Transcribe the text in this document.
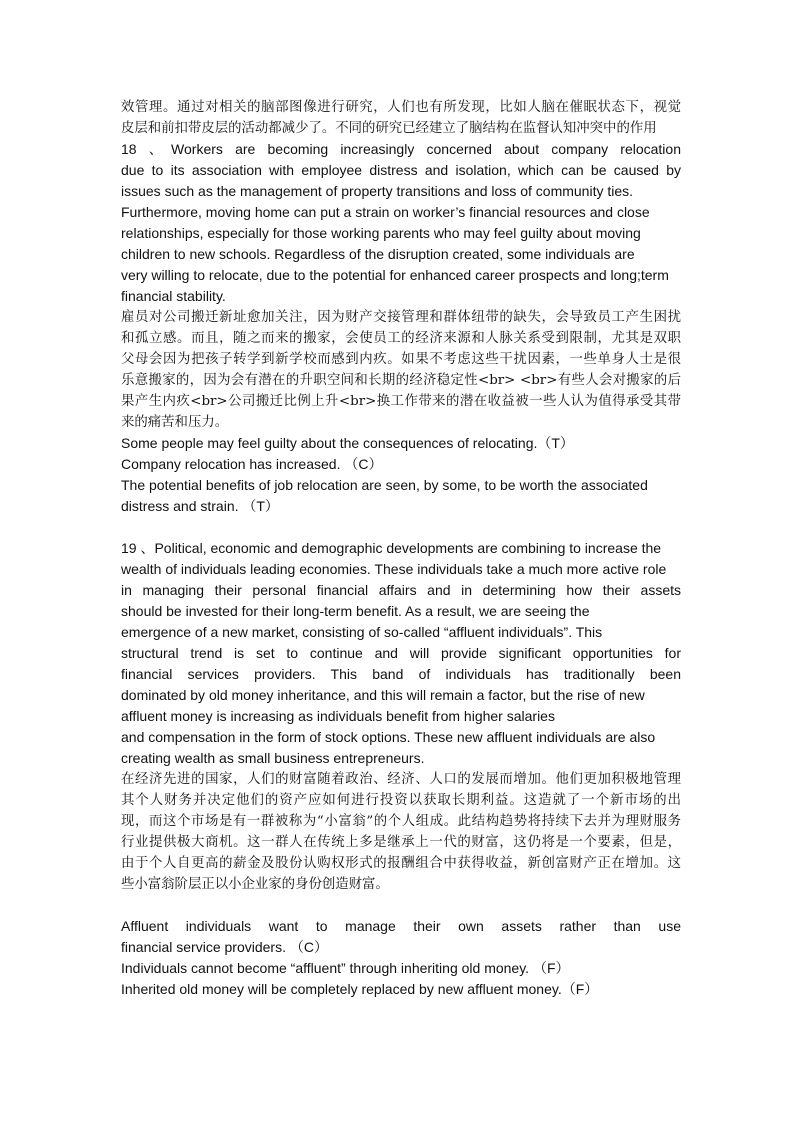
效管理。通过对相关的脑部图像进行研究，人们也有所发现，比如人脑在催眠状态下，视觉
皮层和前扣带皮层的活动都减少了。不同的研究已经建立了脑结构在监督认知冲突中的作用
18 、Workers are becoming increasingly concerned about company relocation
due to its association with employee distress and isolation, which can be caused by
issues such as the management of property transitions and loss of community ties.
Furthermore, moving home can put a strain on worker’s financial resources and close
relationships, especially for those working parents who may feel guilty about moving
children to new schools. Regardless of the disruption created, some individuals are
very willing to relocate, due to the potential for enhanced career prospects and long;term
financial stability.
雇员对公司搬迁新址愈加关注，因为财产交接管理和群体纽带的缺失，会导致员工产生困扰
和孤立感。而且，随之而来的搬家，会使员工的经济来源和人脉关系受到限制，尤其是双职
父母会因为把孩子转学到新学校而感到内疚。如果不考虑这些干扰因素，一些单身人士是很
乐意搬家的，因为会有潜在的升职空间和长期的经济稳定性<br> <br>有些人会对搬家的后
果产生内疚<br>公司搬迁比例上升<br>换工作带来的潜在收益被一些人认为值得承受其带
来的痛苦和压力。
Some people may feel guilty about the consequences of relocating.（T）
Company relocation has increased. （C）
The potential benefits of job relocation are seen, by some, to be worth the associated
distress and strain. （T）
19 、Political, economic and demographic developments are combining to increase the
wealth of individuals leading economies. These individuals take a much more active role
in managing their personal financial affairs and in determining how their assets
should be invested for their long-term benefit. As a result, we are seeing the
emergence of a new market, consisting of so-called “affluent individuals”. This
structural trend is set to continue and will provide significant opportunities for
financial services providers. This band of individuals has traditionally been
dominated by old money inheritance, and this will remain a factor, but the rise of new
affluent money is increasing as individuals benefit from higher salaries
and compensation in the form of stock options. These new affluent individuals are also
creating wealth as small business entrepreneurs.
在经济先进的国家，人们的财富随着政治、经济、人口的发展而增加。他们更加积极地管理
其个人财务并决定他们的资产应如何进行投资以获取长期利益。这造就了一个新市场的出
现，而这个市场是有一群被称为“小富翁”的个人组成。此结构趋势将持续下去并为理财服务
行业提供极大商机。这一群人在传统上多是继承上一代的财富，这仍将是一个要素，但是，
由于个人自更高的薪金及股份认购权形式的报酬组合中获得收益，新创富财产正在增加。这
些小富翁阶层正以小企业家的身份创造财富。
Affluent individuals want to manage their own assets rather than use
financial service providers. （C）
Individuals cannot become “affluent” through inheriting old money. （F）
Inherited old money will be completely replaced by new affluent money.（F）
